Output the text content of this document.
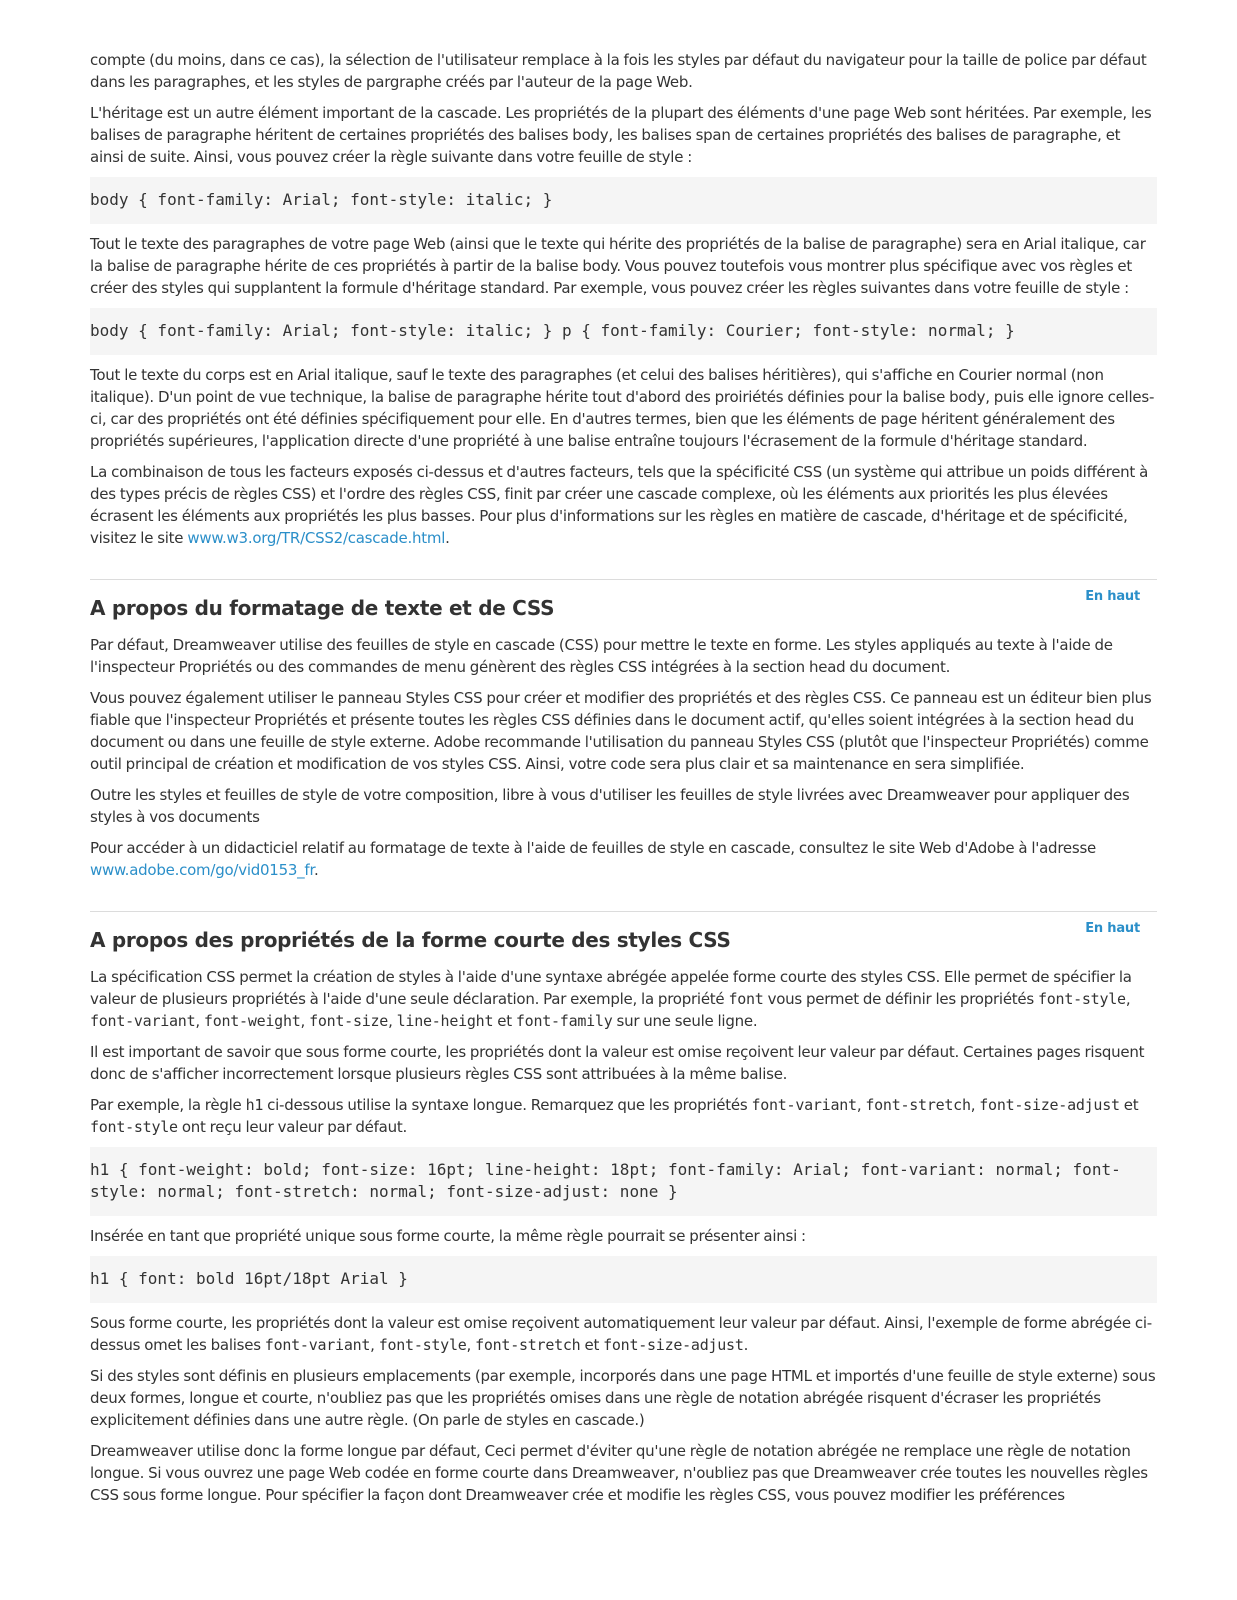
compte (du moins, dans ce cas), la sélection de l'utilisateur remplace à la fois les styles par défaut du navigateur pour la taille de police par défaut dans les paragraphes, et les styles de pargraphe créés par l'auteur de la page Web.

L'héritage est un autre élément important de la cascade. Les propriétés de la plupart des éléments d'une page Web sont héritées. Par exemple, les balises de paragraphe héritent de certaines propriétés des balises body, les balises span de certaines propriétés des balises de paragraphe, et ainsi de suite. Ainsi, vous pouvez créer la règle suivante dans votre feuille de style :

body { font-family: Arial; font-style: italic; }

Tout le texte des paragraphes de votre page Web (ainsi que le texte qui hérite des propriétés de la balise de paragraphe) sera en Arial italique, car la balise de paragraphe hérite de ces propriétés à partir de la balise body. Vous pouvez toutefois vous montrer plus spécifique avec vos règles et créer des styles qui supplantent la formule d'héritage standard. Par exemple, vous pouvez créer les règles suivantes dans votre feuille de style :

body { font-family: Arial; font-style: italic; } p { font-family: Courier; font-style: normal; }

Tout le texte du corps est en Arial italique, sauf le texte des paragraphes (et celui des balises héritières), qui s'affiche en Courier normal (non italique). D'un point de vue technique, la balise de paragraphe hérite tout d'abord des proiriétés définies pour la balise body, puis elle ignore celles-ci, car des propriétés ont été définies spécifiquement pour elle. En d'autres termes, bien que les éléments de page héritent généralement des propriétés supérieures, l'application directe d'une propriété à une balise entraîne toujours l'écrasement de la formule d'héritage standard.

La combinaison de tous les facteurs exposés ci-dessus et d'autres facteurs, tels que la spécificité CSS (un système qui attribue un poids différent à des types précis de règles CSS) et l'ordre des règles CSS, finit par créer une cascade complexe, où les éléments aux priorités les plus élevées écrasent les éléments aux propriétés les plus basses. Pour plus d'informations sur les règles en matière de cascade, d'héritage et de spécificité, visitez le site www.w3.org/TR/CSS2/cascade.html.

En haut
A propos du formatage de texte et de CSS

Par défaut, Dreamweaver utilise des feuilles de style en cascade (CSS) pour mettre le texte en forme. Les styles appliqués au texte à l'aide de l'inspecteur Propriétés ou des commandes de menu génèrent des règles CSS intégrées à la section head du document.

Vous pouvez également utiliser le panneau Styles CSS pour créer et modifier des propriétés et des règles CSS. Ce panneau est un éditeur bien plus fiable que l'inspecteur Propriétés et présente toutes les règles CSS définies dans le document actif, qu'elles soient intégrées à la section head du document ou dans une feuille de style externe. Adobe recommande l'utilisation du panneau Styles CSS (plutôt que l'inspecteur Propriétés) comme outil principal de création et modification de vos styles CSS. Ainsi, votre code sera plus clair et sa maintenance en sera simplifiée.

Outre les styles et feuilles de style de votre composition, libre à vous d'utiliser les feuilles de style livrées avec Dreamweaver pour appliquer des styles à vos documents

Pour accéder à un didacticiel relatif au formatage de texte à l'aide de feuilles de style en cascade, consultez le site Web d'Adobe à l'adresse www.adobe.com/go/vid0153_fr.

En haut
A propos des propriétés de la forme courte des styles CSS

La spécification CSS permet la création de styles à l'aide d'une syntaxe abrégée appelée forme courte des styles CSS. Elle permet de spécifier la valeur de plusieurs propriétés à l'aide d'une seule déclaration. Par exemple, la propriété font vous permet de définir les propriétés font-style, font-variant, font-weight, font-size, line-height et font-family sur une seule ligne.

Il est important de savoir que sous forme courte, les propriétés dont la valeur est omise reçoivent leur valeur par défaut. Certaines pages risquent donc de s'afficher incorrectement lorsque plusieurs règles CSS sont attribuées à la même balise.

Par exemple, la règle h1 ci-dessous utilise la syntaxe longue. Remarquez que les propriétés font-variant, font-stretch, font-size-adjust et font-style ont reçu leur valeur par défaut.

h1 { font-weight: bold; font-size: 16pt; line-height: 18pt; font-family: Arial; font-variant: normal; font-style: normal; font-stretch: normal; font-size-adjust: none }

Insérée en tant que propriété unique sous forme courte, la même règle pourrait se présenter ainsi :

h1 { font: bold 16pt/18pt Arial }

Sous forme courte, les propriétés dont la valeur est omise reçoivent automatiquement leur valeur par défaut. Ainsi, l'exemple de forme abrégée ci-dessus omet les balises font-variant, font-style, font-stretch et font-size-adjust.

Si des styles sont définis en plusieurs emplacements (par exemple, incorporés dans une page HTML et importés d'une feuille de style externe) sous deux formes, longue et courte, n'oubliez pas que les propriétés omises dans une règle de notation abrégée risquent d'écraser les propriétés explicitement définies dans une autre règle. (On parle de styles en cascade.)

Dreamweaver utilise donc la forme longue par défaut, Ceci permet d'éviter qu'une règle de notation abrégée ne remplace une règle de notation longue. Si vous ouvrez une page Web codée en forme courte dans Dreamweaver, n'oubliez pas que Dreamweaver crée toutes les nouvelles règles CSS sous forme longue. Pour spécifier la façon dont Dreamweaver crée et modifie les règles CSS, vous pouvez modifier les préférences
